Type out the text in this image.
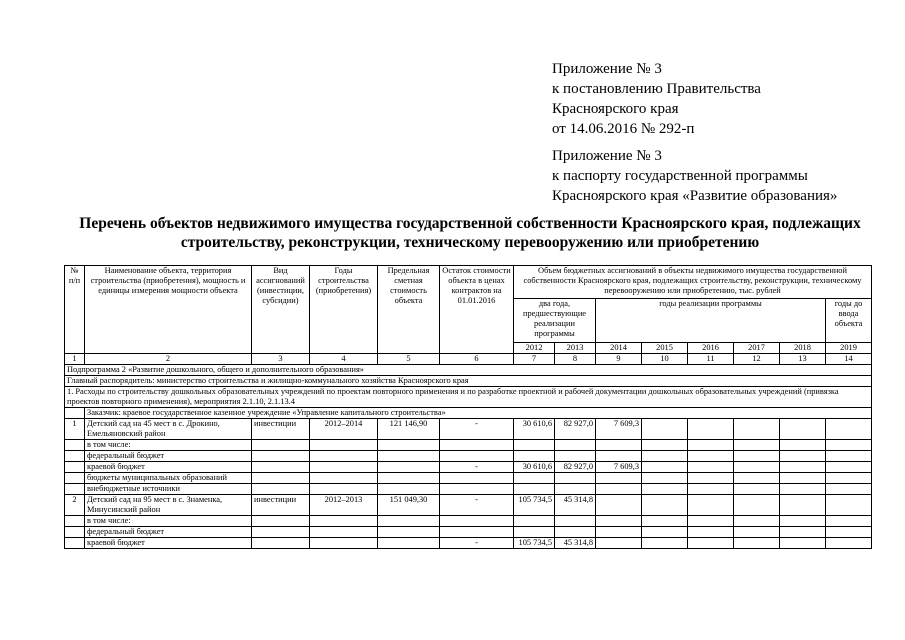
Приложение № 3
к постановлению Правительства
Красноярского края
от 14.06.2016 № 292-п
Приложение № 3
к паспорту государственной программы
Красноярского края «Развитие образования»
Перечень объектов недвижимого имущества государственной собственности Красноярского края, подлежащих
строительству, реконструкции, техническому перевооружению или приобретению
№ п/п	Наименование объекта, территория строительства (приобретения), мощность и единицы измерения мощности объекта	Вид ассигнований (инвестиции, субсидии)	Годы строительства (приобретения)	Предельная сметная стоимость объекта	Остаток стоимости объекта в ценах контрактов на 01.01.2016	Объем бюджетных ассигнований в объекты недвижимого имущества государственной собственности Красноярского края, подлежащих строительству, реконструкции, техническому перевооружению или приобретению, тыс. рублей							
						два года, предшествующие реализации программы		годы реализации программы					годы до ввода объекта
						2012	2013	2014	2015	2016	2017	2018	2019
1	2	3	4	5	6	7	8	9	10	11	12	13	14
Подпрограмма 2 «Развитие дошкольного, общего и дополнительного образования»													
Главный распорядитель: министерство строительства и жилищно-коммунального хозяйства Красноярского края													
1. Расходы по строительству дошкольных образовательных учреждений по проектам повторного применения и по разработке проектной и рабочей документации дошкольных образовательных учреждений (привязка проектов повторного применения), мероприятия 2.1.10, 2.1.13.4													
	Заказчик: краевое государственное казенное учреждение «Управление капитального строительства»												
1	Детский сад на 45 мест в с. Дрокино, Емельяновский район	инвестиции	2012–2014	121 146,90	-	30 610,6	82 927,0	7 609,3					
	в том числе:												
	федеральный бюджет												
	краевой бюджет				-	30 610,6	82 927,0	7 609,3					
	бюджеты муниципальных образований												
	внебюджетные источники												
2	Детский сад на 95 мест в с. Знаменка, Минусинский район	инвестиции	2012–2013	151 049,30	-	105 734,5	45 314,8						
	в том числе:												
	федеральный бюджет												
	краевой бюджет				-	105 734,5	45 314,8						
